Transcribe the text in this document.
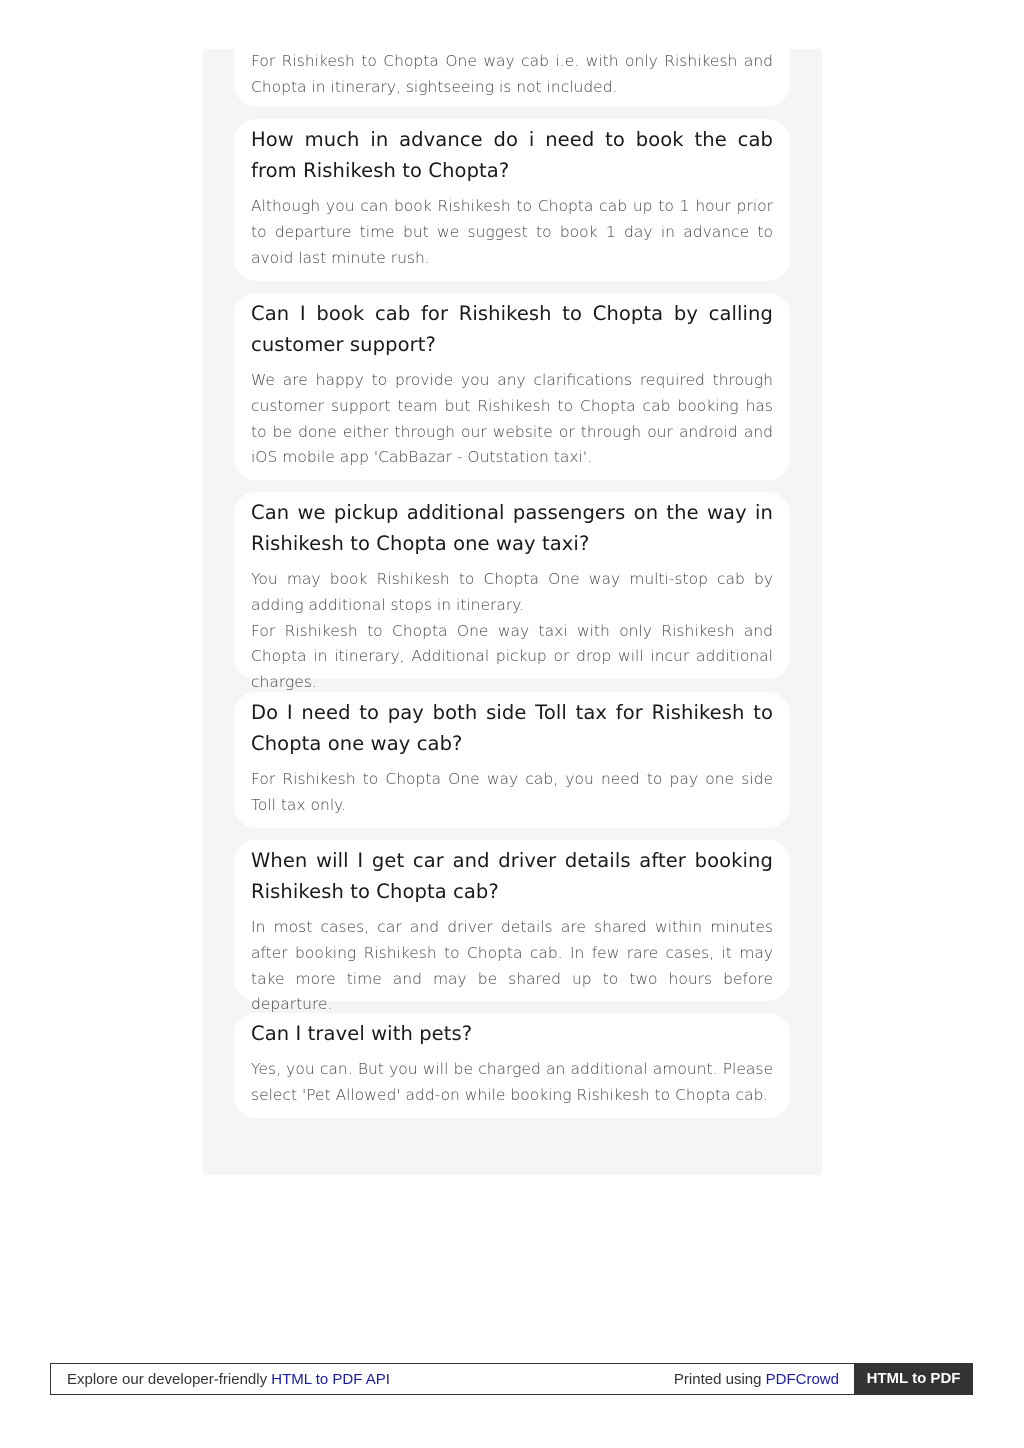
For Rishikesh to Chopta One way cab i.e. with only Rishikesh and Chopta in itinerary, sightseeing is not included.

How much in advance do i need to book the cab from Rishikesh to Chopta?

Although you can book Rishikesh to Chopta cab up to 1 hour prior to departure time but we suggest to book 1 day in advance to avoid last minute rush.

Can I book cab for Rishikesh to Chopta by calling customer support?

We are happy to provide you any clarifications required through customer support team but Rishikesh to Chopta cab booking has to be done either through our website or through our android and iOS mobile app 'CabBazar - Outstation taxi'.

Can we pickup additional passengers on the way in Rishikesh to Chopta one way taxi?

You may book Rishikesh to Chopta One way multi-stop cab by adding additional stops in itinerary.

For Rishikesh to Chopta One way taxi with only Rishikesh and Chopta in itinerary, Additional pickup or drop will incur additional charges.

Do I need to pay both side Toll tax for Rishikesh to Chopta one way cab?

For Rishikesh to Chopta One way cab, you need to pay one side Toll tax only.

When will I get car and driver details after booking Rishikesh to Chopta cab?

In most cases, car and driver details are shared within minutes after booking Rishikesh to Chopta cab. In few rare cases, it may take more time and may be shared up to two hours before departure.

Can I travel with pets?

Yes, you can. But you will be charged an additional amount. Please select 'Pet Allowed' add-on while booking Rishikesh to Chopta cab.

Explore our developer-friendly HTML to PDF API	Printed using PDFCrowd	HTML to PDF
